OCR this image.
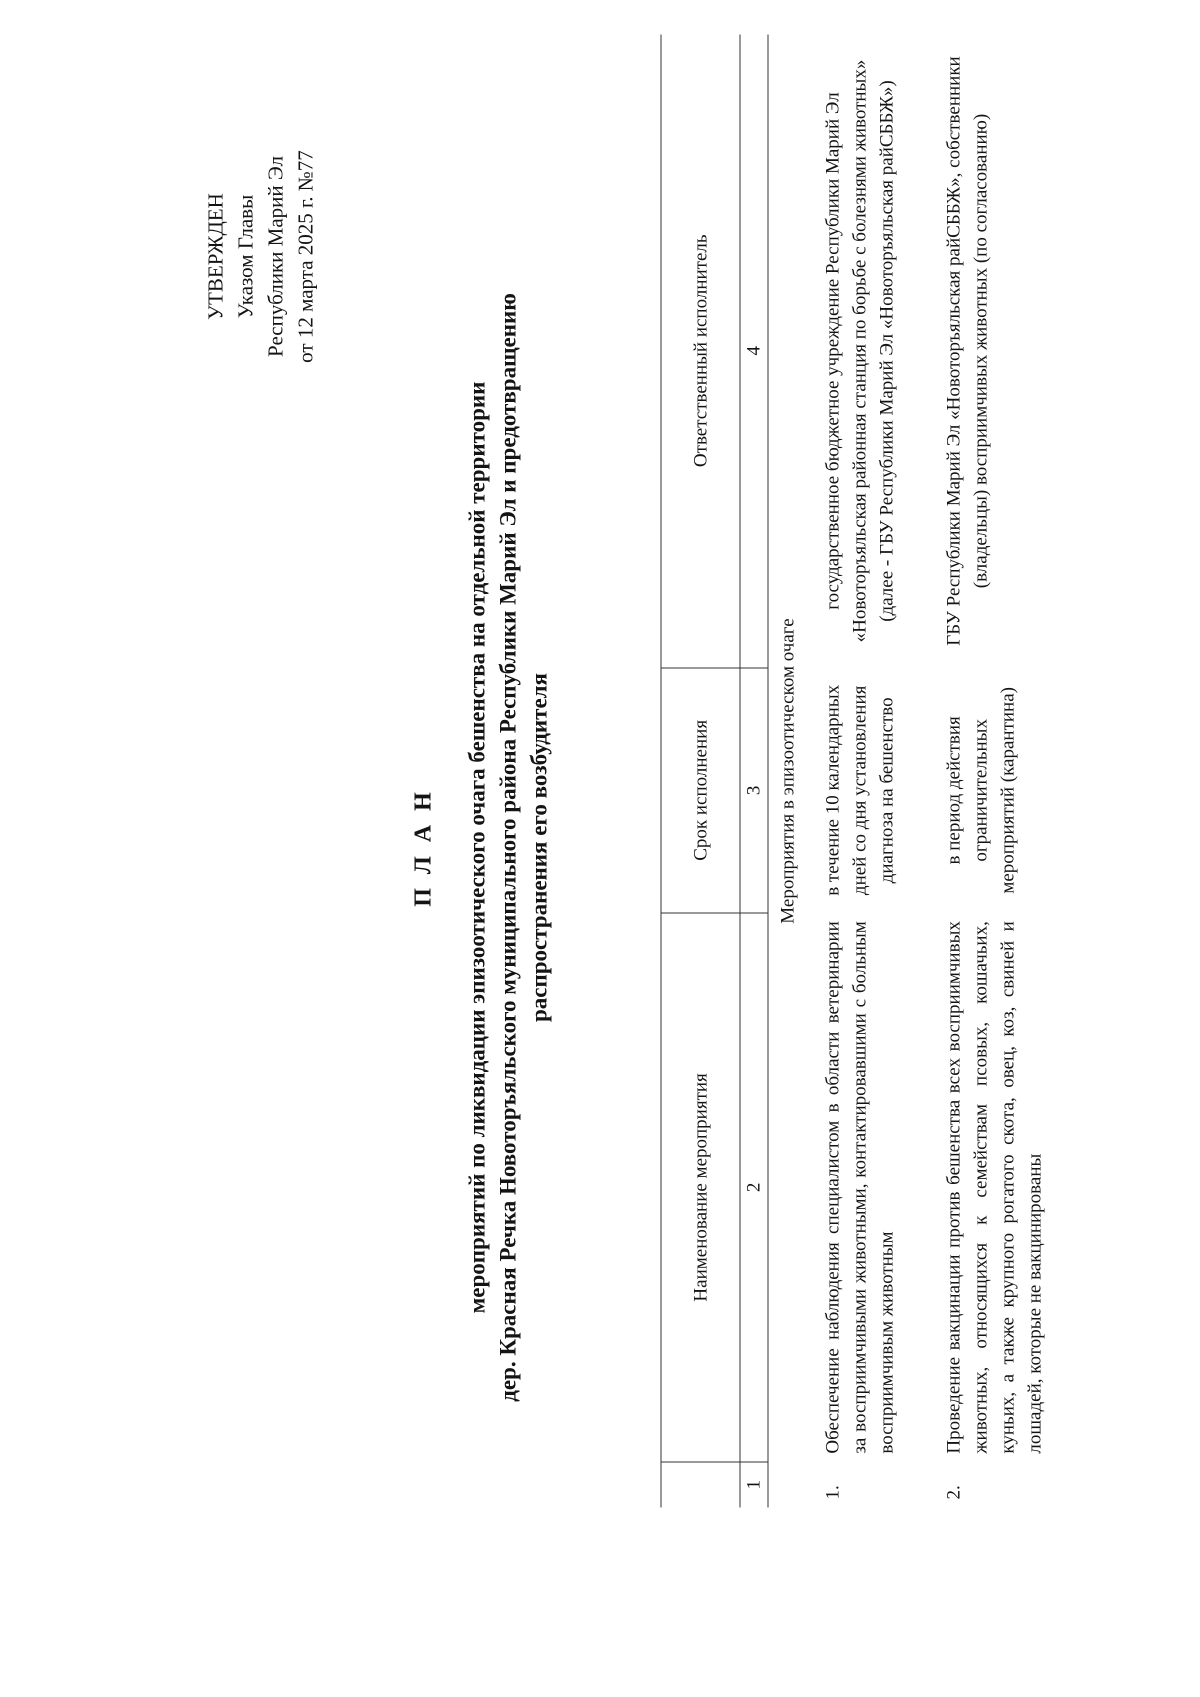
УТВЕРЖДЕН Указом Главы Республики Марий Эл от 12 марта 2025 г. №77
П Л А Н мероприятий по ликвидации эпизоотического очага бешенства на отдельной территории дер. Красная Речка Новоторъяльского муниципального района Республики Марий Эл и предотвращению распространения его возбудителя
	Наименование мероприятия	Срок исполнения	Ответственный исполнитель
1	2	3	4
Мероприятия в эпизоотическом очаге			
1.	Обеспечение наблюдения специалистом в области ветеринарии за восприимчивыми животными, контактировавшими с больным восприимчивым животным	в течение 10 календарных дней со дня установления диагноза на бешенство	государственное бюджетное учреждение Республики Марий Эл «Новоторъяльская районная станция по борьбе с болезнями животных» (далее - ГБУ Республики Марий Эл «Новоторъяльская райСББЖ»)
2.	Проведение вакцинации против бешенства всех восприимчивых животных, относящихся к семействам псовых, кошачьих, куньих, а также крупного рогатого скота, овец, коз, свиней и лошадей, которые не вакцинированы	в период действия ограничительных мероприятий (карантина)	ГБУ Республики Марий Эл «Новоторъяльская райСББЖ», собственники (владельцы) восприимчивых животных (по согласованию)
